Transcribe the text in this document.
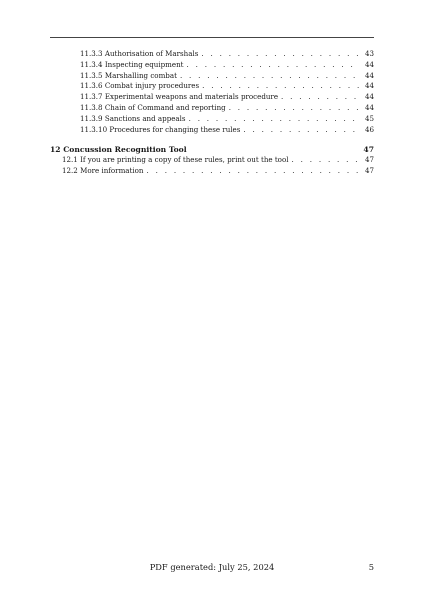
11.3.3 Authorisation of Marshals . . .	43
11.3.4 Inspecting equipment . . .	44
11.3.5 Marshalling combat . . .	44
11.3.6 Combat injury procedures . . .	44
11.3.7 Experimental weapons and materials procedure . . .	44
11.3.8 Chain of Command and reporting . . .	44
11.3.9 Sanctions and appeals . . .	45
11.3.10 Procedures for changing these rules . . .	46
12 Concussion Recognition Tool	47
12.1 If you are printing a copy of these rules, print out the tool . . .	47
12.2 More information . . .	47
PDF generated: July 25, 2024	5
